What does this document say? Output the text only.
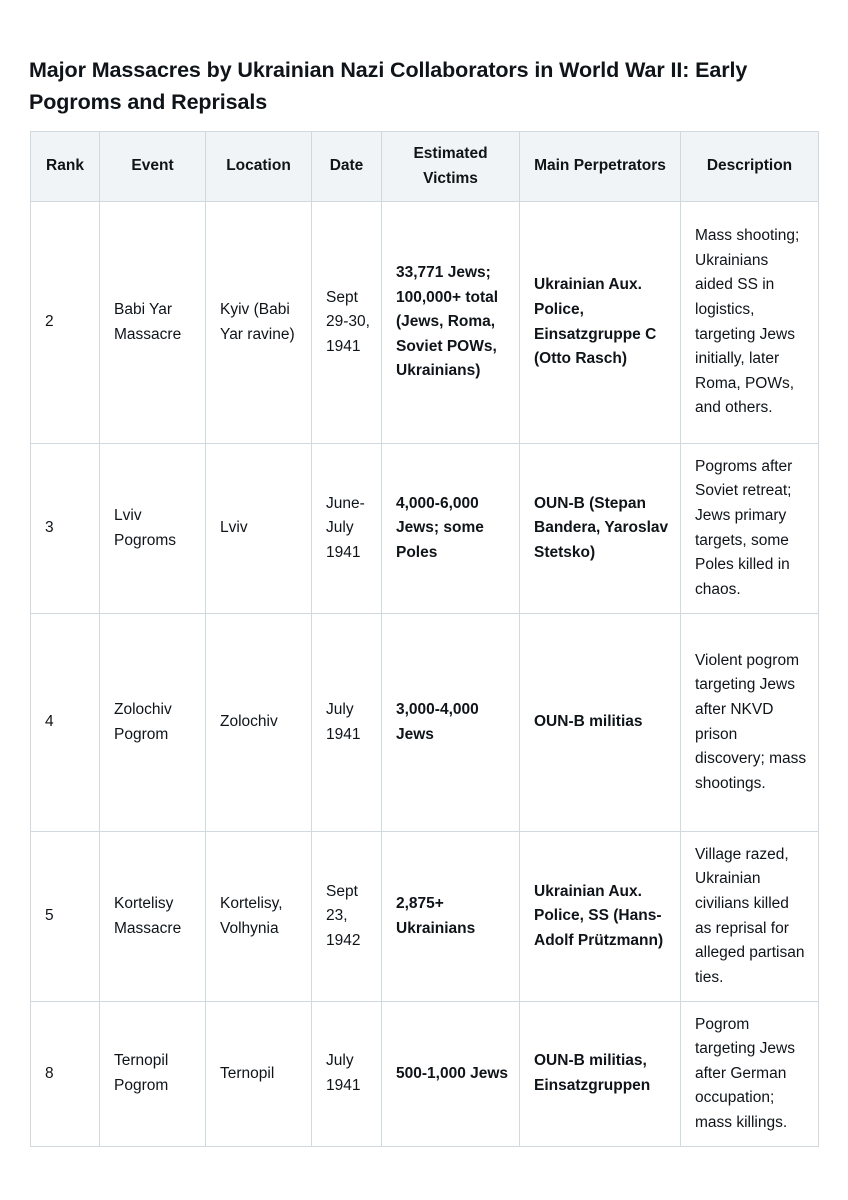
Major Massacres by Ukrainian Nazi Collaborators in World War II: Early Pogroms and Reprisals
Rank	Event	Location	Date	Estimated Victims	Main Perpetrators	Description
2	Babi Yar Massacre	Kyiv (Babi Yar ravine)	Sept 29-30, 1941	33,771 Jews; 100,000+ total (Jews, Roma, Soviet POWs, Ukrainians)	Ukrainian Aux. Police, Einsatzgruppe C (Otto Rasch)	Mass shooting; Ukrainians aided SS in logistics, targeting Jews initially, later Roma, POWs, and others.
3	Lviv Pogroms	Lviv	June-July 1941	4,000-6,000 Jews; some Poles	OUN-B (Stepan Bandera, Yaroslav Stetsko)	Pogroms after Soviet retreat; Jews primary targets, some Poles killed in chaos.
4	Zolochiv Pogrom	Zolochiv	July 1941	3,000-4,000 Jews	OUN-B militias	Violent pogrom targeting Jews after NKVD prison discovery; mass shootings.
5	Kortelisy Massacre	Kortelisy, Volhynia	Sept 23, 1942	2,875+ Ukrainians	Ukrainian Aux. Police, SS (Hans-Adolf Prützmann)	Village razed, Ukrainian civilians killed as reprisal for alleged partisan ties.
8	Ternopil Pogrom	Ternopil	July 1941	500-1,000 Jews	OUN-B militias, Einsatzgruppen	Pogrom targeting Jews after German occupation; mass killings.
